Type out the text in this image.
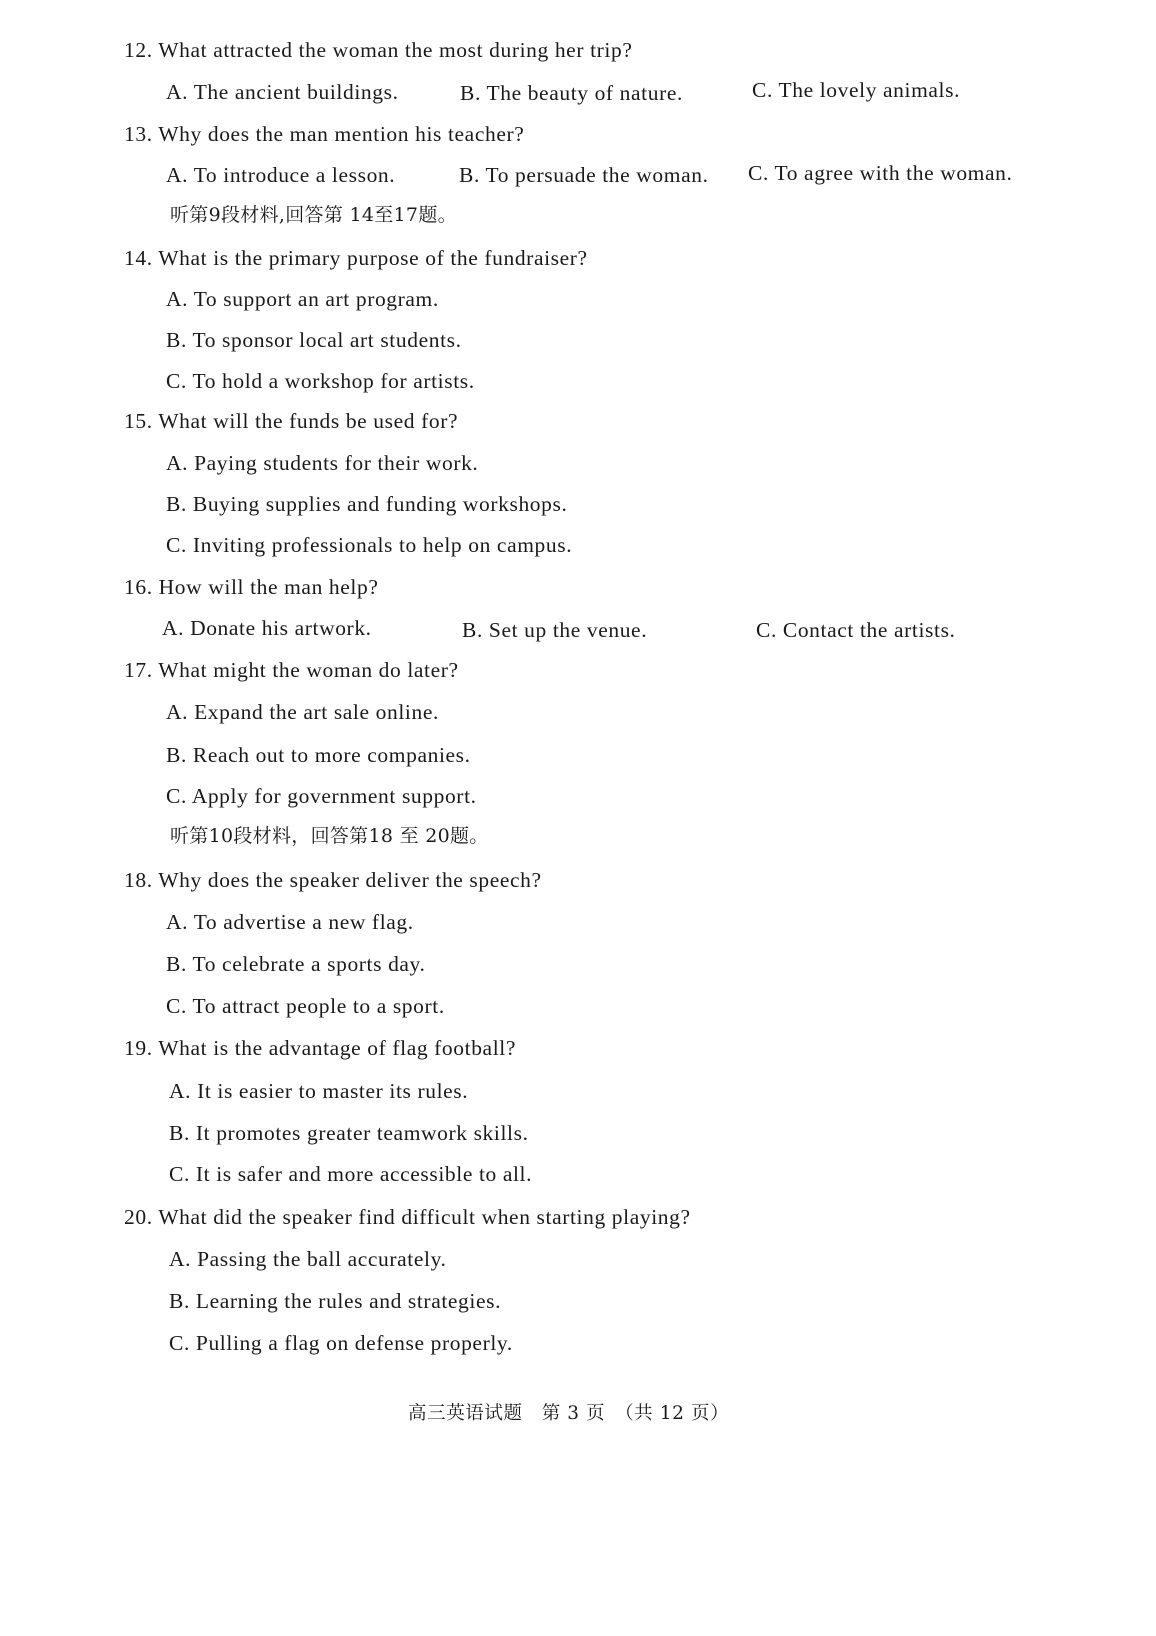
12. What attracted the woman the most during her trip?
A. The ancient buildings.	B. The beauty of nature.	C. The lovely animals.
13. Why does the man mention his teacher?
A. To introduce a lesson.	B. To persuade the woman. C. To agree with the woman.
听第9段材料,回答第 14至17题。
14. What is the primary purpose of the fundraiser?
A. To support an art program.
B. To sponsor local art students.
C. To hold a workshop for artists.
15. What will the funds be used for?
A. Paying students for their work.
B. Buying supplies and funding workshops.
C. Inviting professionals to help on campus.
16. How will the man help?
A. Donate his artwork.	B. Set up the venue.	C. Contact the artists.
17. What might the woman do later?
A. Expand the art sale online.
B. Reach out to more companies.
C. Apply for government support.
听第10段材料，回答第18 至 20题。
18. Why does the speaker deliver the speech?
A. To advertise a new flag.
B. To celebrate a sports day.
C. To attract people to a sport.
19. What is the advantage of flag football?
A. It is easier to master its rules.
B. It promotes greater teamwork skills.
C. It is safer and more accessible to all.
20. What did the speaker find difficult when starting playing?
A. Passing the ball accurately.
B. Learning the rules and strategies.
C. Pulling a flag on defense properly.
高三英语试题　第 3 页　（共 12 页）
